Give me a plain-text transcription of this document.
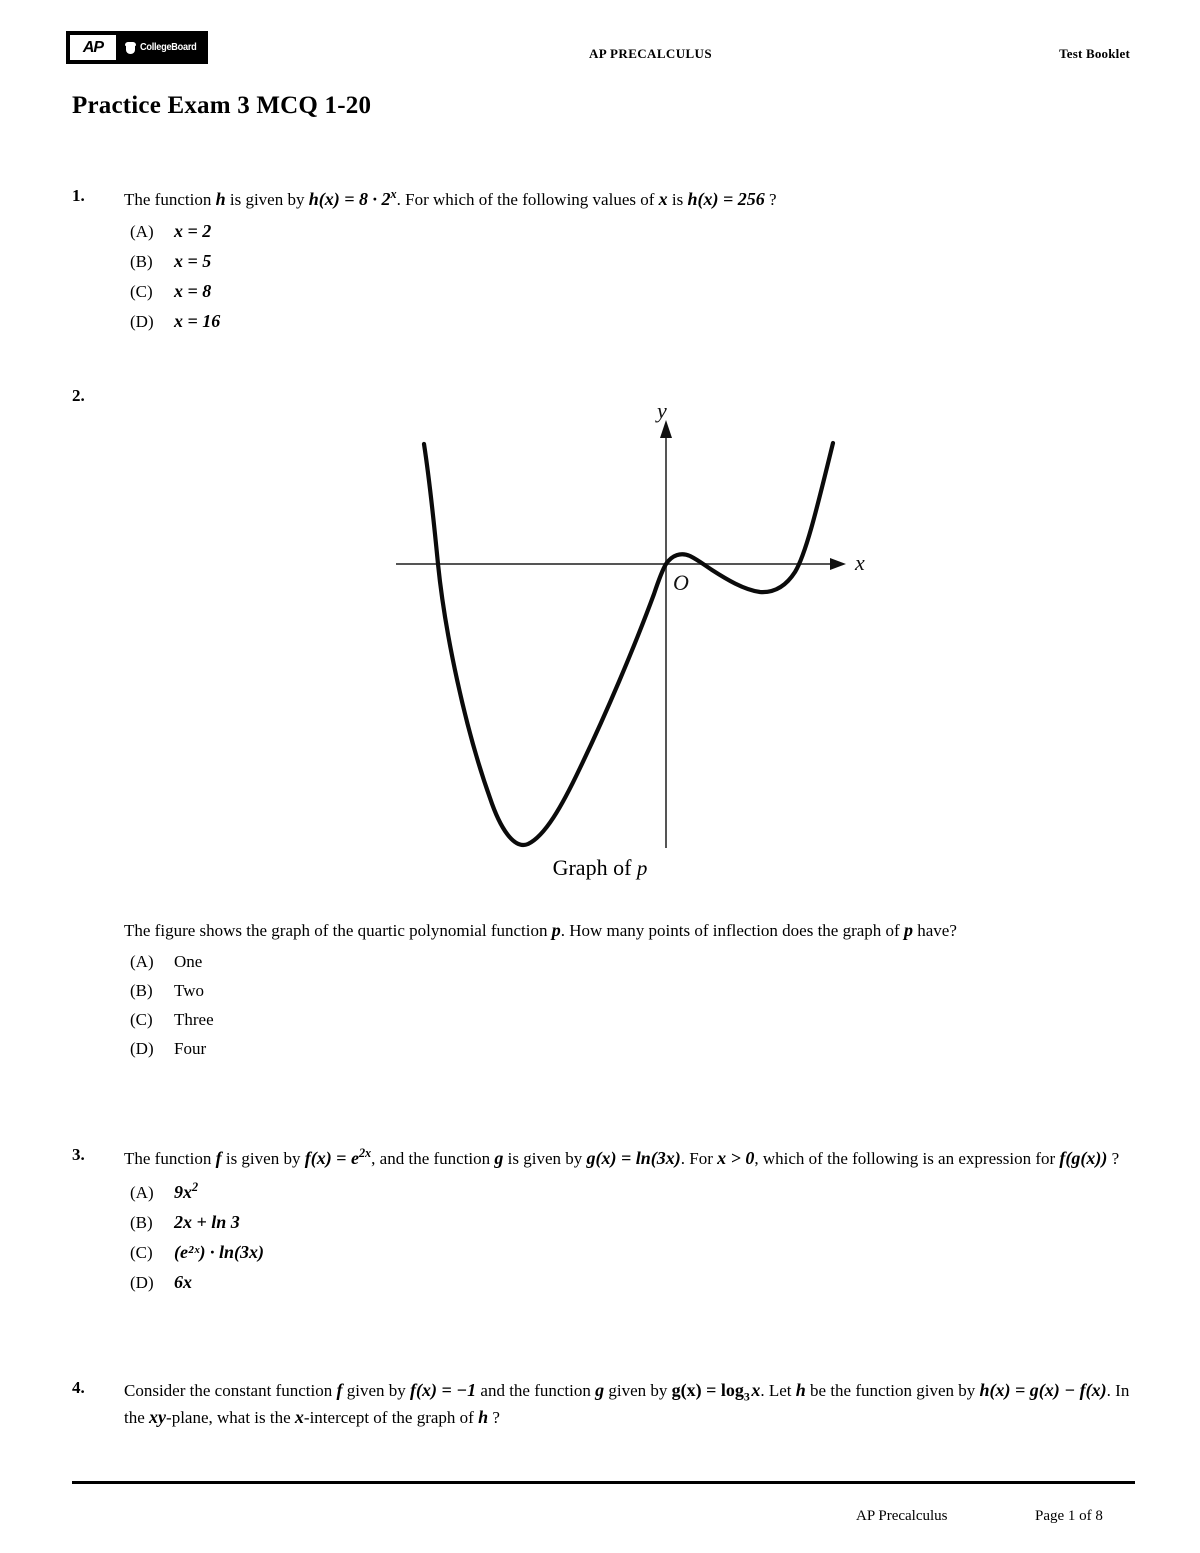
AP	CollegeBoard	AP PRECALCULUS	Test Booklet
Practice Exam 3 MCQ 1-20
1.	The function h is given by $h(x) = 8 \cdot 2^x$. For which of the following values of x is h(x) = 256 ?
(A)	x = 2
(B)	x = 5
(C)	x = 8
(D)	x = 16
2.
x
y
O
Graph of p
The figure shows the graph of the quartic polynomial function p. How many points of inflection does the graph of p have?
(A)	One
(B)	Two
(C)	Three
(D)	Four
3.	The function f is given by $f(x) = e^{2x}$, and the function g is given by g(x) = ln(3x). For x > 0, which of the following is an expression for f(g(x)) ?
(A)	$9x^2$
(B)	2x + ln 3
(C)	(e²ˣ) · ln(3x)
(D)	6x
4.	Consider the constant function f given by f(x) = −1 and the function g given by $g(x) = \log_3$ x. Let h be the function given by h(x) = g(x) − f(x). In the xy-plane, what is the x-intercept of the graph of h ?
AP Precalculus	Page 1 of 8
